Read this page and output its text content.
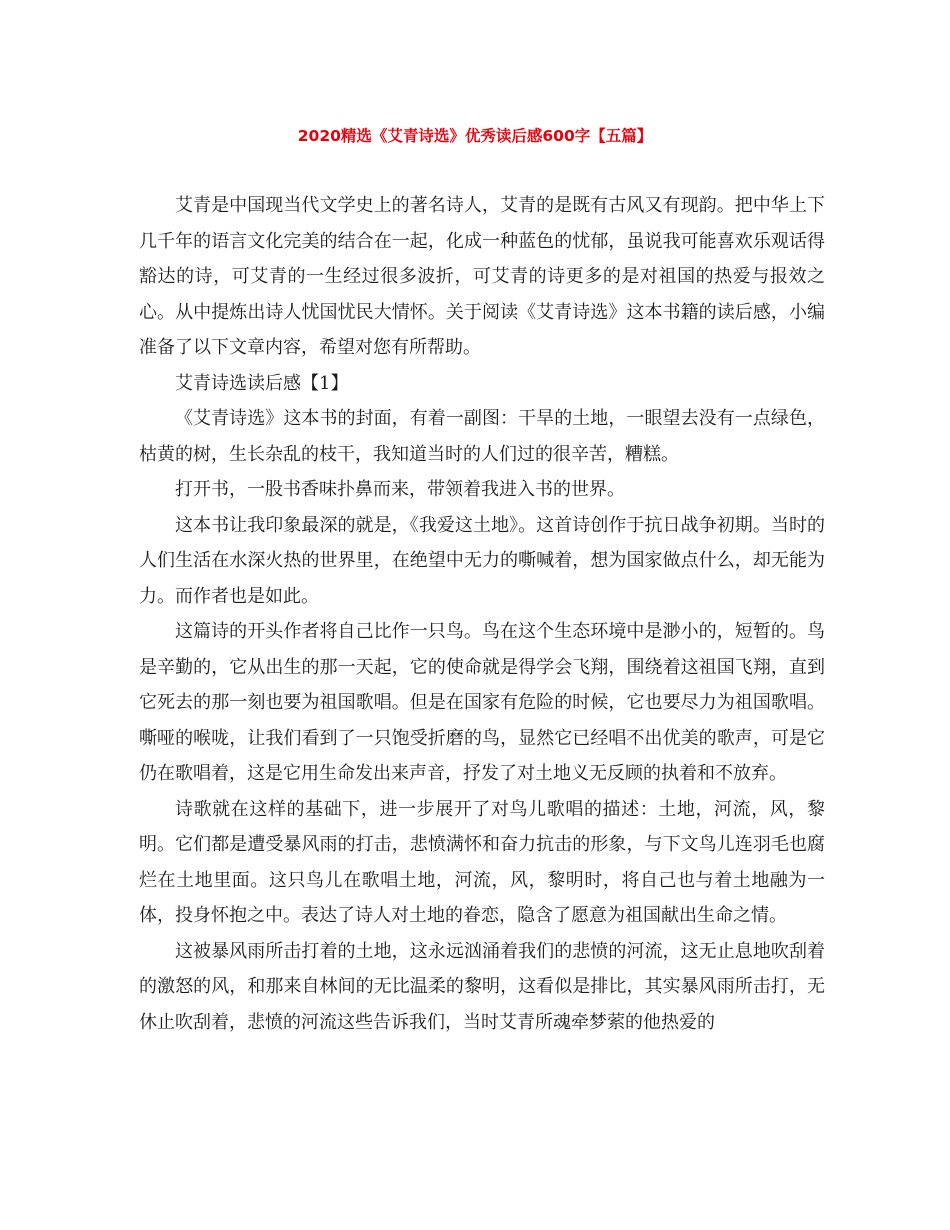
2020精选《艾青诗选》优秀读后感600字【五篇】

艾青是中国现当代文学史上的著名诗人，艾青的是既有古风又有现韵。把中华上下几千年的语言文化完美的结合在一起，化成一种蓝色的忧郁，虽说我可能喜欢乐观话得豁达的诗，可艾青的一生经过很多波折，可艾青的诗更多的是对祖国的热爱与报效之心。从中提炼出诗人忧国忧民大情怀。关于阅读《艾青诗选》这本书籍的读后感，小编准备了以下文章内容，希望对您有所帮助。

艾青诗选读后感【1】

《艾青诗选》这本书的封面，有着一副图：干旱的土地，一眼望去没有一点绿色，枯黄的树，生长杂乱的枝干，我知道当时的人们过的很辛苦，糟糕。

打开书，一股书香味扑鼻而来，带领着我进入书的世界。

这本书让我印象最深的就是，《我爱这土地》。这首诗创作于抗日战争初期。当时的人们生活在水深火热的世界里，在绝望中无力的嘶喊着，想为国家做点什么，却无能为力。而作者也是如此。

这篇诗的开头作者将自己比作一只鸟。鸟在这个生态环境中是渺小的，短暂的。鸟是辛勤的，它从出生的那一天起，它的使命就是得学会飞翔，围绕着这祖国飞翔，直到它死去的那一刻也要为祖国歌唱。但是在国家有危险的时候，它也要尽力为祖国歌唱。嘶哑的喉咙，让我们看到了一只饱受折磨的鸟，显然它已经唱不出优美的歌声，可是它仍在歌唱着，这是它用生命发出来声音，抒发了对土地义无反顾的执着和不放弃。

诗歌就在这样的基础下，进一步展开了对鸟儿歌唱的描述：土地，河流，风，黎明。它们都是遭受暴风雨的打击，悲愤满怀和奋力抗击的形象，与下文鸟儿连羽毛也腐烂在土地里面。这只鸟儿在歌唱土地，河流，风，黎明时，将自己也与着土地融为一体，投身怀抱之中。表达了诗人对土地的眷恋，隐含了愿意为祖国献出生命之情。

这被暴风雨所击打着的土地，这永远汹涌着我们的悲愤的河流，这无止息地吹刮着的激怒的风，和那来自林间的无比温柔的黎明，这看似是排比，其实暴风雨所击打，无休止吹刮着，悲愤的河流这些告诉我们，当时艾青所魂牵梦萦的他热爱的
